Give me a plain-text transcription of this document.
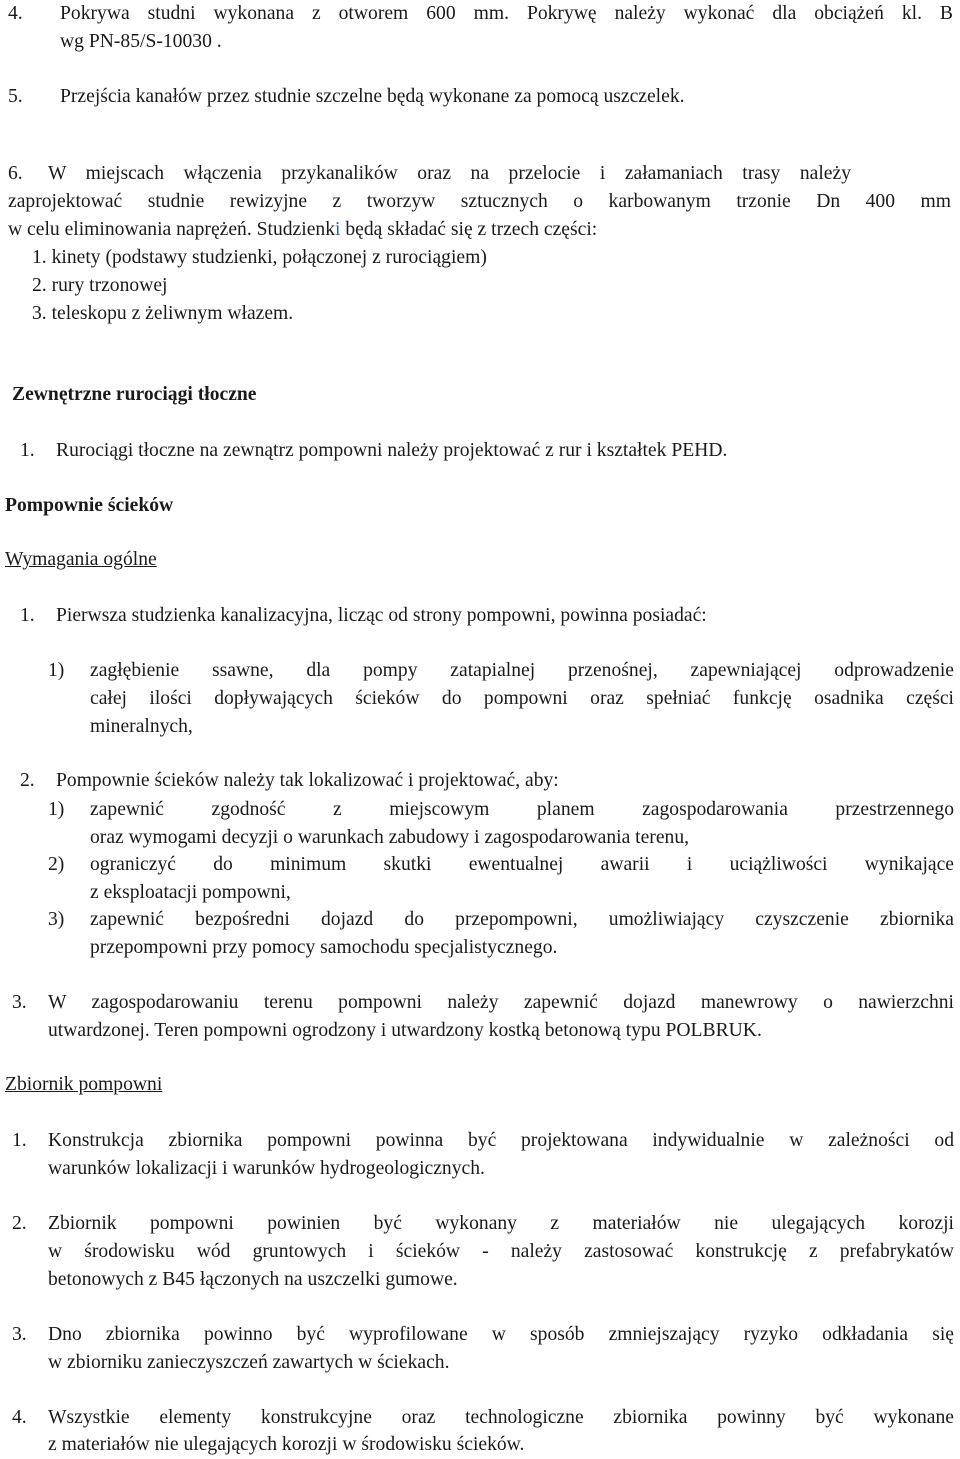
4. Pokrywa studni wykonana z otworem 600 mm. Pokrywę należy wykonać dla obciążeń kl. B
wg PN-85/S-10030 .
5. Przejścia kanałów przez studnie szczelne będą wykonane za pomocą uszczelek.
6. W miejscach włączenia przykanalików oraz na przelocie i załamaniach trasy należy
zaprojektować studnie rewizyjne z tworzyw sztucznych o karbowanym trzonie Dn 400 mm
w celu eliminowania naprężeń. Studzienki będą składać się z trzech części:
1. kinety (podstawy studzienki, połączonej z rurociągiem)
2. rury trzonowej
3. teleskopu z żeliwnym włazem.
Zewnętrzne rurociągi tłoczne
1. Rurociągi tłoczne na zewnątrz pompowni należy projektować z rur i kształtek PEHD.
Pompownie ścieków
Wymagania ogólne
1. Pierwsza studzienka kanalizacyjna, licząc od strony pompowni, powinna posiadać:
1) zagłębienie ssawne, dla pompy zatapialnej przenośnej, zapewniającej odprowadzenie
całej ilości dopływających ścieków do pompowni oraz spełniać funkcję osadnika części
mineralnych,
2. Pompownie ścieków należy tak lokalizować i projektować, aby:
1) zapewnić zgodność z miejscowym planem zagospodarowania przestrzennego
oraz wymogami decyzji o warunkach zabudowy i zagospodarowania terenu,
2) ograniczyć do minimum skutki ewentualnej awarii i uciążliwości wynikające
z eksploatacji pompowni,
3) zapewnić bezpośredni dojazd do przepompowni, umożliwiający czyszczenie zbiornika
przepompowni przy pomocy samochodu specjalistycznego.
3. W zagospodarowaniu terenu pompowni należy zapewnić dojazd manewrowy o nawierzchni
utwardzonej. Teren pompowni ogrodzony i utwardzony kostką betonową typu POLBRUK.
Zbiornik pompowni
1. Konstrukcja zbiornika pompowni powinna być projektowana indywidualnie w zależności od
warunków lokalizacji i warunków hydrogeologicznych.
2. Zbiornik pompowni powinien być wykonany z materiałów nie ulegających korozji
w środowisku wód gruntowych i ścieków - należy zastosować konstrukcję z prefabrykatów
betonowych z B45 łączonych na uszczelki gumowe.
3. Dno zbiornika powinno być wyprofilowane w sposób zmniejszający ryzyko odkładania się
w zbiorniku zanieczyszczeń zawartych w ściekach.
4. Wszystkie elementy konstrukcyjne oraz technologiczne zbiornika powinny być wykonane
z materiałów nie ulegających korozji w środowisku ścieków.
